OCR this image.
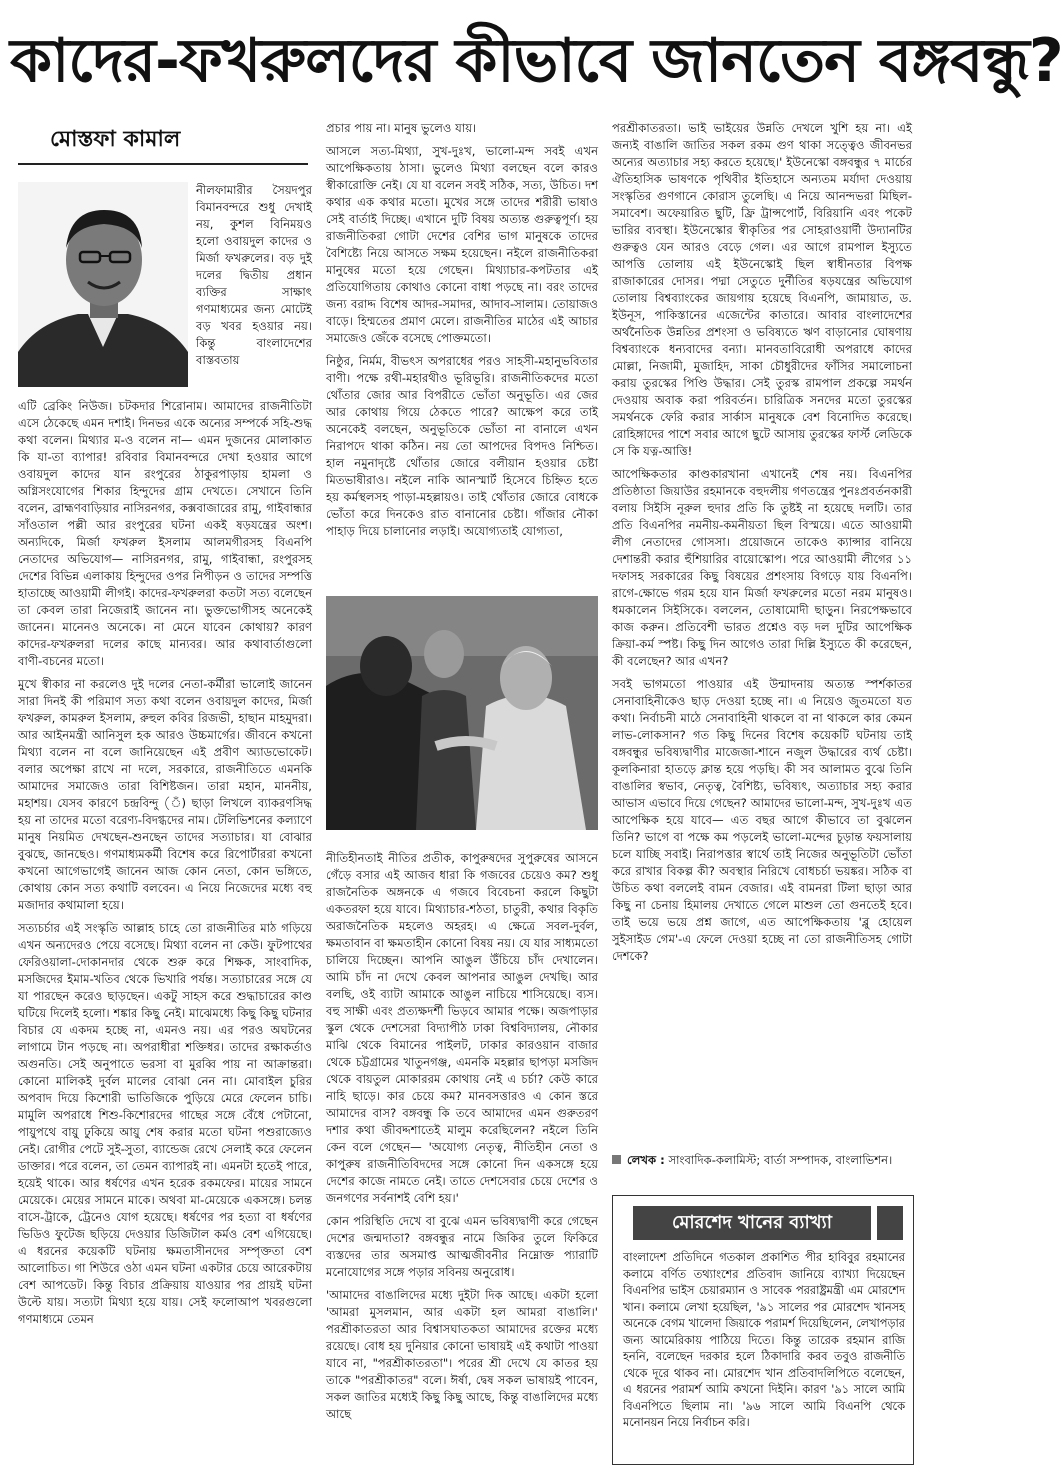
কাদের-ফখরুলদের কীভাবে জানতেন বঙ্গবন্ধু?
মোস্তফা কামাল
নীলফামারীর সৈয়দপুর বিমানবন্দরে শুধু দেখাই নয়, কুশল বিনিময়ও হলো ওবায়দুল কাদের ও মির্জা ফখরুলের। বড় দুই দলের দ্বিতীয় প্রধান ব্যক্তির সাক্ষাৎ গণমাধ্যমের জন্য মোটেই বড় খবর হওয়ার নয়। কিন্তু বাংলাদেশের বাস্তবতায়

এটি ব্রেকিং নিউজ। চটকদার শিরোনাম। আমাদের রাজনীতিটা এসে ঠেকেছে এমন দশাই। দিনভর একে অন্যের সম্পর্কে সহি-শুদ্ধ কথা বলেন। মিথ্যার ম-ও বলেন না— এমন দুজনের মোলাকাত কি যা-তা ব্যাপার! রবিবার বিমানবন্দরে দেখা হওয়ার আগে ওবায়দুল কাদের যান রংপুরের ঠাকুরপাড়ায় হামলা ও অগ্নিসংযোগের শিকার হিন্দুদের গ্রাম দেখতে। সেখানে তিনি বলেন, ব্রাহ্মণবাড়িয়ার নাসিরনগর, কক্সবাজারের রামু, গাইবান্ধার সাঁওতাল পল্লী আর রংপুরের ঘটনা একই ষড়যন্ত্রের অংশ। অন্যদিকে, মির্জা ফখরুল ইসলাম আলমগীরসহ বিএনপি নেতাদের অভিযোগ— নাসিরনগর, রামু, গাইবান্ধা, রংপুরসহ দেশের বিভিন্ন এলাকায় হিন্দুদের ওপর নিপীড়ন ও তাদের সম্পত্তি হাতাচ্ছে আওয়ামী লীগই। কাদের-ফখরুলরা কতটা সত্য বলেছেন তা কেবল তারা নিজেরাই জানেন না। ভুক্তভোগীসহ অনেকেই জানেন। মানেনও অনেকে। না মেনে যাবেন কোথায়? কারণ কাদের-ফখরুলরা দলের কাছে মান্যবর। আর কথাবার্তাগুলো বাণী-বচনের মতো।

মুখে স্বীকার না করলেও দুই দলের নেতা-কর্মীরা ভালোই জানেন সারা দিনই কী পরিমাণ সত্য কথা বলেন ওবায়দুল কাদের, মির্জা ফখরুল, কামরুল ইসলাম, রুহুল কবির রিজভী, হাছান মাহমুদরা। আর আইনমন্ত্রী আনিসুল হক আরও উচ্চমার্গের। জীবনে কখনো মিথ্যা বলেন না বলে জানিয়েছেন এই প্রবীণ অ্যাডভোকেট। বলার অপেক্ষা রাখে না দলে, সরকারে, রাজনীতিতে এমনকি আমাদের সমাজেও তারা বিশিষ্টজন। তারা মহান, মাননীয়, মহাশয়। যেসব কারণে চন্দ্রবিন্দু (ঁ) ছাড়া লিখলে ব্যাকরণসিদ্ধ হয় না তাদের মতো বরেণ্য-বিদগ্ধদের নাম। টেলিভিশনের কল্যাণে মানুষ নিয়মিত দেখছেন-শুনছেন তাদের সত্যাচার। যা বোঝার বুঝছে, জানছেও। গণমাধ্যমকর্মী বিশেষ করে রিপোর্টাররা কখনো কখনো আগেভাগেই জানেন আজ কোন নেতা, কোন ভঙ্গিতে, কোথায় কোন সত্য কথাটি বলবেন। এ নিয়ে নিজেদের মধ্যে বহু মজাদার কথামালা হয়ে।

সত্যচর্চার এই সংস্কৃতি আল্লাহ চাহে তো রাজনীতির মাঠ গড়িয়ে এখন অন্যদেরও পেয়ে বসেছে। মিথ্যা বলেন না কেউ। ফুটপাথের ফেরিওয়ালা-দোকানদার থেকে শুরু করে শিক্ষক, সাংবাদিক, মসজিদের ইমাম-খতিব থেকে ভিখারি পর্যন্ত। সত্যাচারের সঙ্গে যে যা পারছেন করেও ছাড়ছেন। একটু সাহস করে শুদ্ধাচারের কাণ্ড ঘটিয়ে দিলেই হলো। শঙ্কার কিছু নেই। মাঝেমধ্যে কিছু কিছু ঘটনার বিচার যে একদম হচ্ছে না, এমনও নয়। এর পরও অঘটনের লাগামে টান পড়ছে না। অপরাধীরা শক্তিধর। তাদের রক্ষাকর্তাও অগুনতি। সেই অনুপাতে ভরসা বা মুরব্বি পায় না আক্রান্তরা। কোনো মালিকই দুর্বল মালের বোঝা নেন না। মোবাইল চুরির অপবাদ দিয়ে কিশোরী ভাতিজিকে পুড়িয়ে মেরে ফেলেন চাচি। মামুলি অপরাধে শিশু-কিশোরদের গাছের সঙ্গে বেঁধে পেটানো, পায়ুপথে বায়ু ঢুকিয়ে আয়ু শেষ করার মতো ঘটনা পশুরাজ্যেও নেই। রোগীর পেটে সুই-সুতা, ব্যান্ডেজ রেখে সেলাই করে ফেলেন ডাক্তার। পরে বলেন, তা তেমন ব্যাপারই না। এমনটা হতেই পারে, হয়েই থাকে। আর ধর্ষণের এখন হরেক রকমফের। মায়ের সামনে মেয়েকে। মেয়ের সামনে মাকে। অথবা মা-মেয়েকে একসঙ্গে। চলন্ত বাসে-ট্রাকে, ট্রেনেও যোগ হয়েছে। ধর্ষণের পর হত্যা বা ধর্ষণের ভিডিও ফুটেজ ছড়িয়ে দেওয়ার ডিজিটাল কর্মও বেশ এগিয়েছে। এ ধরনের কয়েকটি ঘটনায় ক্ষমতাসীনদের সম্পৃক্ততা বেশ আলোচিত। গা শিউরে ওঠা এমন ঘটনা একটার চেয়ে আরেকটায় বেশ আপডেট। কিন্তু বিচার প্রক্রিয়ায় যাওয়ার পর প্রায়ই ঘটনা উল্টে যায়। সত্যটা মিথ্যা হয়ে যায়। সেই ফলোআপ খবরগুলো গণমাধ্যমে তেমন

প্রচার পায় না। মানুষ ভুলেও যায়।

আসলে সত্য-মিথ্যা, সুখ-দুঃখ, ভালো-মন্দ সবই এখন আপেক্ষিকতায় ঠাসা। ভুলেও মিথ্যা বলছেন বলে কারও স্বীকারোক্তি নেই। যে যা বলেন সবই সঠিক, সত্য, উচিত। দশ কথার এক কথার মতো। মুখের সঙ্গে তাদের শরীরী ভাষাও সেই বার্তাই দিচ্ছে। এখানে দুটি বিষয় অত্যন্ত গুরুত্বপূর্ণ। হয় রাজনীতিকরা গোটা দেশের বেশির ভাগ মানুষকে তাদের বৈশিষ্ট্যে নিয়ে আসতে সক্ষম হয়েছেন। নইলে রাজনীতিকরা মানুষের মতো হয়ে গেছেন। মিথ্যাচার-কপটতার এই প্রতিযোগিতায় কোথাও কোনো বাধা পড়ছে না। বরং তাদের জন্য বরাদ্দ বিশেষ আদর-সমাদর, আদাব-সালাম। তোয়াজও বাড়ে। হিম্মতের প্রমাণ মেলে। রাজনীতির মাঠের এই আচার সমাজেও জেঁকে বসেছে পোক্তমতো।

নিষ্ঠুর, নির্মম, বীভৎস অপরাধের পরও সাহসী-মহানুভবিতার বাণী। পক্ষে রথী-মহারথীও ভূরিভূরি। রাজনীতিকদের মতো থোঁতার জোর আর বিপরীতে ভোঁতা অনুভূতি। এর জের আর কোথায় গিয়ে ঠেকতে পারে? আক্ষেপ করে তাই অনেকেই বলছেন, অনুভূতিকে ভোঁতা না বানালে এখন নিরাপদে থাকা কঠিন। নয় তো আপদের বিপদও নিশ্চিত। হাল নমুনাদৃষ্টে থোঁতার জোরে বলীয়ান হওয়ার চেষ্টা মিতভাষীরাও। নইলে নাকি আনস্মার্ট হিসেবে চিহ্নিত হতে হয় কর্মস্থলসহ পাড়া-মহল্লায়ও। তাই থোঁতার জোরে বোধকে ভোঁতা করে দিনকেও রাত বানানোর চেষ্টা। গাঁজার নৌকা পাহাড় দিয়ে চালানোর লড়াই। অযোগ্যতাই যোগ্যতা,

নীতিহীনতাই নীতির প্রতীক, কাপুরুষদের সুপুরুষের আসনে গেঁড়ে বসার এই আজব ধারা কি গজবের চেয়েও কম? শুধু রাজনৈতিক অঙ্গনকে এ গজবে বিবেচনা করলে কিছুটা একতরফা হয়ে যাবে। মিথ্যাচার-শঠতা, চাতুরী, কথার বিকৃতি অরাজনৈতিক মহলেও অহরহ। এ ক্ষেত্রে সবল-দুর্বল, ক্ষমতাবান বা ক্ষমতাহীন কোনো বিষয় নয়। যে যার সাধ্যমতো চালিয়ে দিচ্ছেন। আপনি আঙুল উঁচিয়ে চাঁদ দেখালেন। আমি চাঁদ না দেখে কেবল আপনার আঙুল দেখছি। আর বলছি, ওই ব্যাটা আমাকে আঙুল নাচিয়ে শাসিয়েছে। ব্যস। বহু সাক্ষী এবং প্রত্যক্ষদর্শী ভিড়বে আমার পক্ষে। অজপাড়ার স্কুল থেকে দেশসেরা বিদ্যাপীঠ ঢাকা বিশ্ববিদ্যালয়, নৌকার মাঝি থেকে বিমানের পাইলট, ঢাকার কারওয়ান বাজার থেকে চট্টগ্রামের খাতুনগঞ্জ, এমনকি মহল্লার ছাপড়া মসজিদ থেকে বায়তুল মোকাররম কোথায় নেই এ চর্চা? কেউ কারে নাহি ছাড়ে। কার চেয়ে কম? মানবসত্তারও এ কোন স্তরে আমাদের বাস? বঙ্গবন্ধু কি তবে আমাদের এমন গুরুতরণ দশার কথা জীবদ্দশাতেই মালুম করেছিলেন? নইলে তিনি কেন বলে গেছেন— 'অযোগ্য নেতৃত্ব, নীতিহীন নেতা ও কাপুরুষ রাজনীতিবিদদের সঙ্গে কোনো দিন একসঙ্গে হয়ে দেশের কাজে নামতে নেই। তাতে দেশসেবার চেয়ে দেশের ও জনগণের সর্বনাশই বেশি হয়।'

কোন পরিস্থিতি দেখে বা বুঝে এমন ভবিষ্যদ্বাণী করে গেছেন দেশের জন্মদাতা? বঙ্গবন্ধুর নামে জিকির তুলে ফিকিরে ব্যস্তদের তার অসমাপ্ত আত্মজীবনীর নিম্নোক্ত প্যারাটি মনোযোগের সঙ্গে পড়ার সবিনয় অনুরোধ।

'আমাদের বাঙালিদের মধ্যে দুইটা দিক আছে। একটা হলো 'আমরা মুসলমান, আর একটা হল আমরা বাঙালি।' পরশ্রীকাতরতা আর বিশ্বাসঘাতকতা আমাদের রক্তের মধ্যে রয়েছে। বোধ হয় দুনিয়ার কোনো ভাষায়ই এই কথাটা পাওয়া যাবে না, "পরশ্রীকাতরতা"। পরের শ্রী দেখে যে কাতর হয় তাকে "পরশ্রীকাতর" বলে। ঈর্ষা, দ্বেষ সকল ভাষায়ই পাবেন, সকল জাতির মধ্যেই কিছু কিছু আছে, কিন্তু বাঙালিদের মধ্যে আছে

পরশ্রীকাতরতা। ভাই ভাইয়ের উন্নতি দেখলে খুশি হয় না। এই জন্যই বাঙালি জাতির সকল রকম গুণ থাকা সত্ত্বেও জীবনভর অন্যের অত্যাচার সহ্য করতে হয়েছে।' ইউনেস্কো বঙ্গবন্ধুর ৭ মার্চের ঐতিহাসিক ভাষণকে পৃথিবীর ইতিহাসে অন্যতম মর্যাদা দেওয়ায় সংস্কৃতির গুণগানে কোরাস তুলেছি। এ নিয়ে আনন্দভরা মিছিল-সমাবেশ। অফেয়ারিত ছুটি, ফ্রি ট্রান্সপোর্ট, বিরিয়ানি এবং পকেট ভারির ব্যবস্থা। ইউনেস্কোর স্বীকৃতির পর সোহরাওয়ার্দী উদ্যানটির গুরুত্বও যেন আরও বেড়ে গেল। এর আগে রামপাল ইস্যুতে আপত্তি তোলায় এই ইউনেস্কোই ছিল স্বাধীনতার বিপক্ষ রাজাকারের দোসর। পদ্মা সেতুতে দুর্নীতির ষড়যন্ত্রের অভিযোগ তোলায় বিশ্বব্যাংকের জায়গায় হয়েছে বিএনপি, জামায়াত, ড. ইউনূস, পাকিস্তানের এজেন্টের কাতারে। আবার বাংলাদেশের অর্থনৈতিক উন্নতির প্রশংসা ও ভবিষ্যতে ঋণ বাড়ানোর ঘোষণায় বিশ্বব্যাংকে ধন্যবাদের বন্যা। মানবতাবিরোধী অপরাধে কাদের মোল্লা, নিজামী, মুজাহিদ, সাকা চৌধুরীদের ফাঁসির সমালোচনা করায় তুরস্কের পিণ্ডি উদ্ধার। সেই তুরস্ক রামপাল প্রকল্পে সমর্থন দেওয়ায় অবাক করা পরিবর্তন। চারিত্রিক সনদের মতো তুরস্কের সমর্থনকে ফেরি করার সার্কাস মানুষকে বেশ বিনোদিত করেছে। রোহিঙ্গাদের পাশে সবার আগে ছুটে আসায় তুরস্কের ফার্স্ট লেডিকে সে কি যত্ন-আত্তি!

আপেক্ষিকতার কাণ্ডকারখানা এখানেই শেষ নয়। বিএনপির প্রতিষ্ঠাতা জিয়াউর রহমানকে বহুদলীয় গণতন্ত্রের পুনঃপ্রবর্তনকারী বলায় সিইসি নূরুল হুদার প্রতি কি তুষ্টই না হয়েছে দলটি। তার প্রতি বিএনপির নমনীয়-কমনীয়তা ছিল বিস্ময়ে। এতে আওয়ামী লীগ নেতাদের গোসসা। প্রয়োজনে তাকেও ক্যান্সার বানিয়ে দেশান্তরী করার হুঁশিয়ারির বায়োস্কোপ। পরে আওয়ামী লীগের ১১ দফাসহ সরকারের কিছু বিষয়ের প্রশংসায় বিগড়ে যায় বিএনপি। রাগে-ক্ষোভে গরম হয়ে যান মির্জা ফখরুলের মতো নরম মানুষও। ধমকালেন সিইসিকে। বললেন, তোষামোদী ছাড়ুন। নিরপেক্ষভাবে কাজ করুন। প্রতিবেশী ভারত প্রশ্নেও বড় দল দুটির আপেক্ষিক ক্রিয়া-কর্ম স্পষ্ট। কিছু দিন আগেও তারা দিল্লি ইস্যুতে কী করেছেন, কী বলেছেন? আর এখন?

সবই ভাগমতো পাওয়ার এই উন্মাদনায় অত্যন্ত স্পর্শকাতর সেনাবাহিনীকেও ছাড় দেওয়া হচ্ছে না। এ নিয়েও জুতমতো যত কথা। নির্বাচনী মাঠে সেনাবাহিনী থাকলে বা না থাকলে কার কেমন লাভ-লোকসান? গত কিছু দিনের বিশেষ কয়েকটি ঘটনায় তাই বঙ্গবন্ধুর ভবিষ্যদ্বাণীর মাজেজা-শানে নজুল উদ্ধারের ব্যর্থ চেষ্টা। কূলকিনারা হাতড়ে ক্লান্ত হয়ে পড়ছি। কী সব আলামত বুঝে তিনি বাঙালির স্বভাব, নেতৃত্ব, বৈশিষ্ট্য, ভবিষ্যৎ, অত্যাচার সহ্য করার আভাস এভাবে দিয়ে গেছেন? আমাদের ভালো-মন্দ, সুখ-দুঃখ এত আপেক্ষিক হয়ে যাবে— এত বছর আগে কীভাবে তা বুঝলেন তিনি? ভাগে বা পক্ষে কম পড়লেই ভালো-মন্দের চূড়ান্ত ফয়সালায় চলে যাচ্ছি সবাই। নিরাপত্তার স্বার্থে তাই নিজের অনুভূতিটা ভোঁতা করে রাখার বিকল্প কী? অবস্থার নিরিখে বোধচর্চা ভয়ঙ্কর। সঠিক বা উচিত কথা বললেই বামন বেজার। এই বামনরা টিলা ছাড়া আর কিছু না চেনায় হিমালয় দেখাতে গেলে মাশুল তো গুনতেই হবে। তাই ভয়ে ভয়ে প্রশ্ন জাগে, এত আপেক্ষিকতায় 'ব্লু হোয়েল সুইসাইড গেম'-এ ফেলে দেওয়া হচ্ছে না তো রাজনীতিসহ গোটা দেশকে?

লেখক : সাংবাদিক-কলামিস্ট; বার্তা সম্পাদক, বাংলাভিশন।
মোরশেদ খানের ব্যাখ্যা
বাংলাদেশ প্রতিদিনে গতকাল প্রকাশিত পীর হাবিবুর রহমানের কলামে বর্ণিত তথ্যাংশের প্রতিবাদ জানিয়ে ব্যাখ্যা দিয়েছেন বিএনপির ভাইস চেয়ারম্যান ও সাবেক পররাষ্ট্রমন্ত্রী এম মোরশেদ খান। কলামে লেখা হয়েছিল, '৯১ সালের পর মোরশেদ খানসহ অনেকে বেগম খালেদা জিয়াকে পরামর্শ দিয়েছিলেন, লেখাপড়ার জন্য আমেরিকায় পাঠিয়ে দিতে। কিন্তু তারেক রহমান রাজি হননি, বলেছেন দরকার হলে ঠিকাদারি করব তবুও রাজনীতি থেকে দূরে থাকব না। মোরশেদ খান প্রতিবাদলিপিতে বলেছেন, এ ধরনের পরামর্শ আমি কখনো দিইনি। কারণ '৯১ সালে আমি বিএনপিতে ছিলাম না। '৯৬ সালে আমি বিএনপি থেকে মনোনয়ন নিয়ে নির্বাচন করি।
